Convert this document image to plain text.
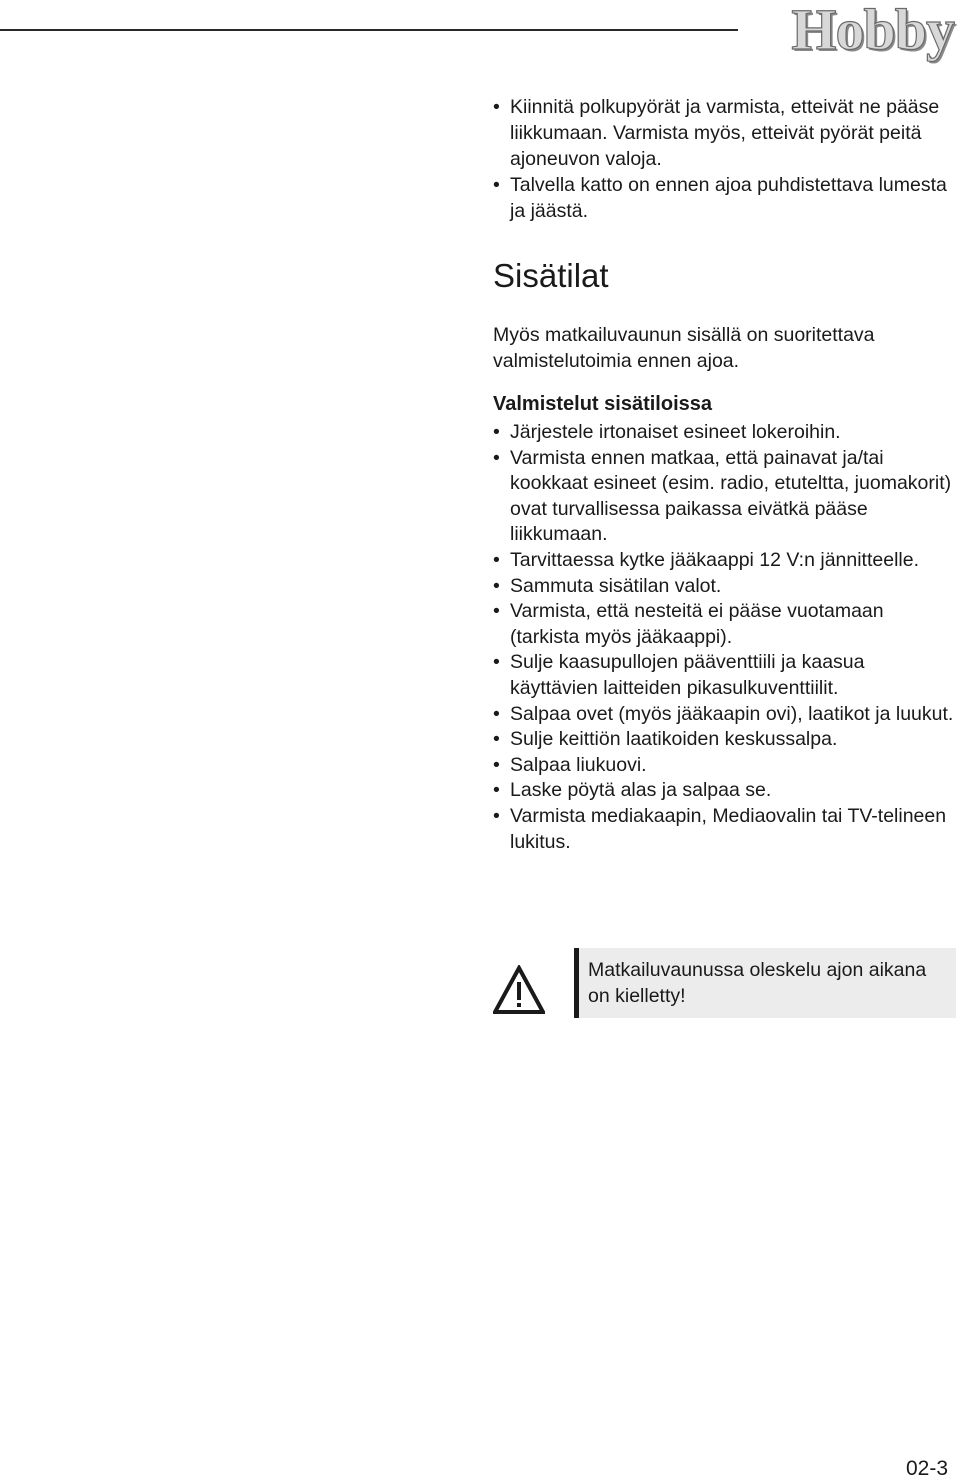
Hobby
• Kiinnitä polkupyörät ja varmista, etteivät ne pääse liikkumaan. Varmista myös, etteivät pyörät peitä ajoneuvon valoja.
• Talvella katto on ennen ajoa puhdistettava lumesta ja jäästä.
Sisätilat

Myös matkailuvaunun sisällä on suoritettava valmistelutoimia ennen ajoa.

Valmistelut sisätiloissa
• Järjestele irtonaiset esineet lokeroihin.
• Varmista ennen matkaa, että painavat ja/tai kookkaat esineet (esim. radio, etuteltta, juomakorit) ovat turvallisessa paikassa eivätkä pääse liikkumaan.
• Tarvittaessa kytke jääkaappi 12 V:n jännitteelle.
• Sammuta sisätilan valot.
• Varmista, että nesteitä ei pääse vuotamaan (tarkista myös jääkaappi).
• Sulje kaasupullojen pääventtiili ja kaasua käyttävien laitteiden pikasulkuventtiilit.
• Salpaa ovet (myös jääkaapin ovi), laatikot ja luukut.
• Sulje keittiön laatikoiden keskussalpa.
• Salpaa liukuovi.
• Laske pöytä alas ja salpaa se.
• Varmista mediakaapin, Mediaovalin tai TV-telineen lukitus.
Matkailuvaunussa oleskelu ajon aikana on kielletty!
02-3
